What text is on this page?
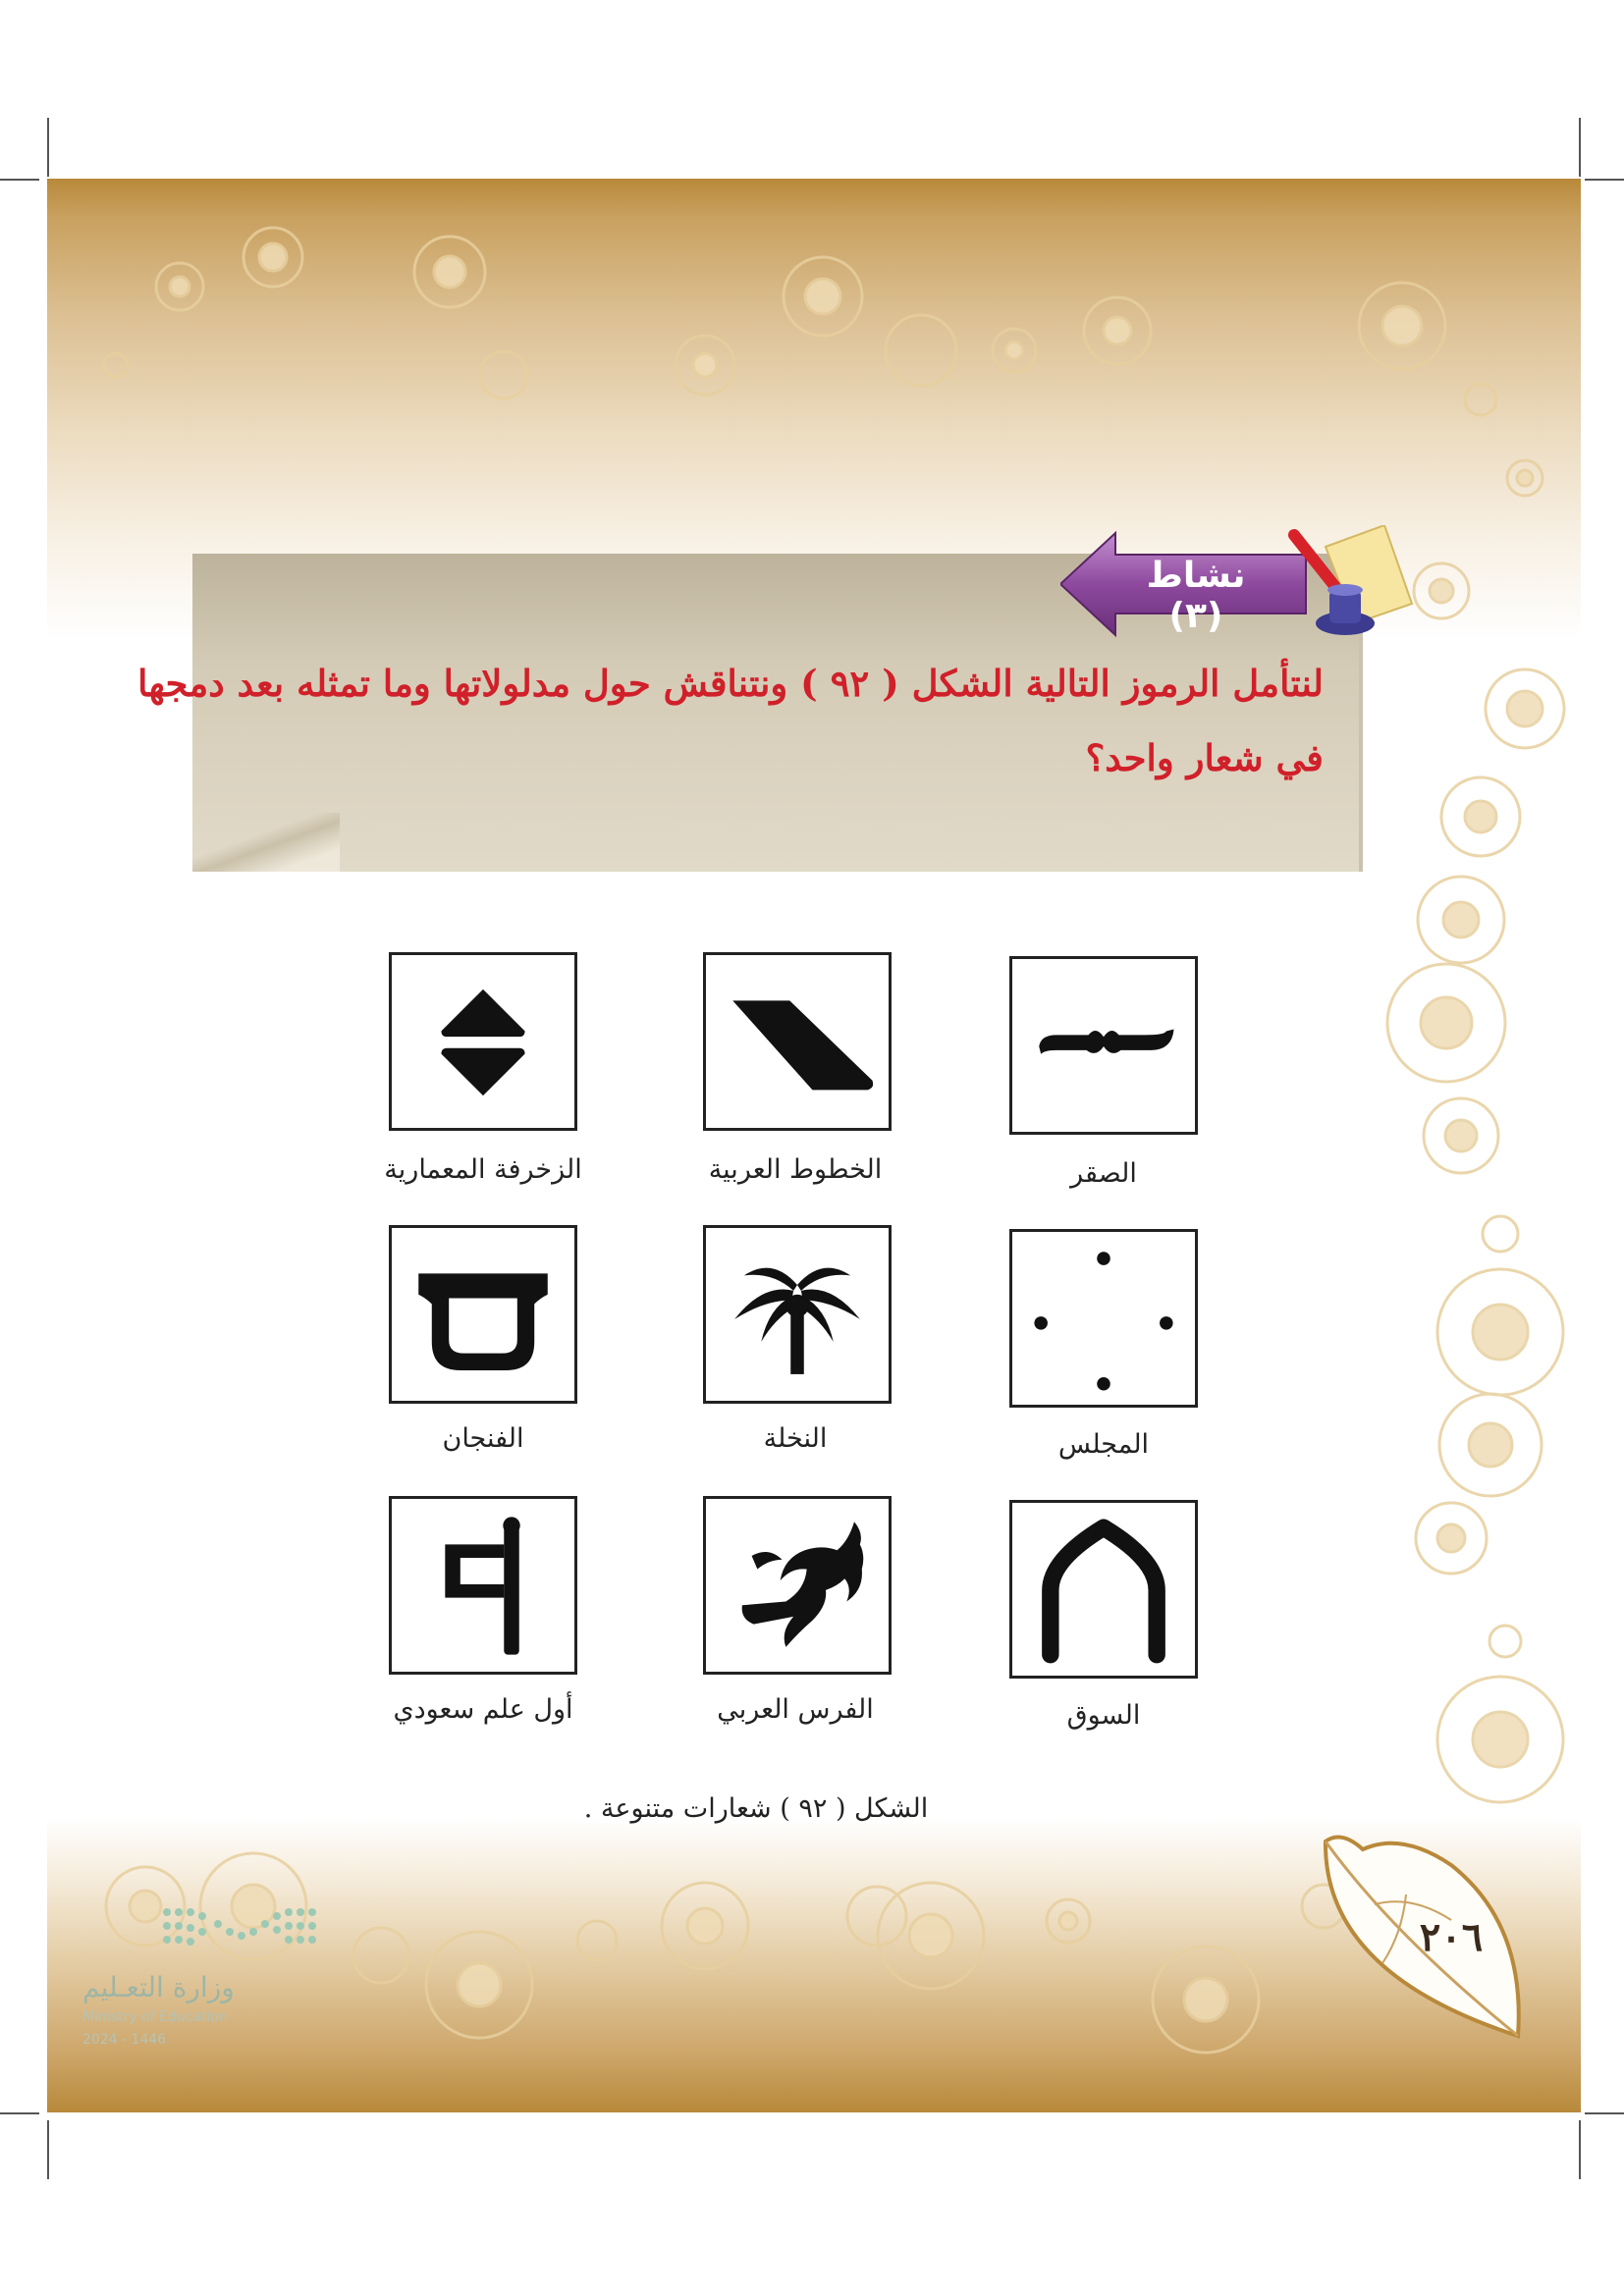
لنتأمل الرموز التالية الشكل ( ٩٢ ) ونتناقش حول مدلولاتها وما تمثله بعد دمجها
في شعار واحد؟
نشاط (٣)
الزخرفة المعمارية	الخطوط العربية	الصقر
الفنجان	النخلة	المجلس
أول علم سعودي	الفرس العربي	السوق
الشكل ( ٩٢ ) شعارات متنوعة .
٢٠٦
وزارة التعـليم
Ministry of Education
2024 - 1446
